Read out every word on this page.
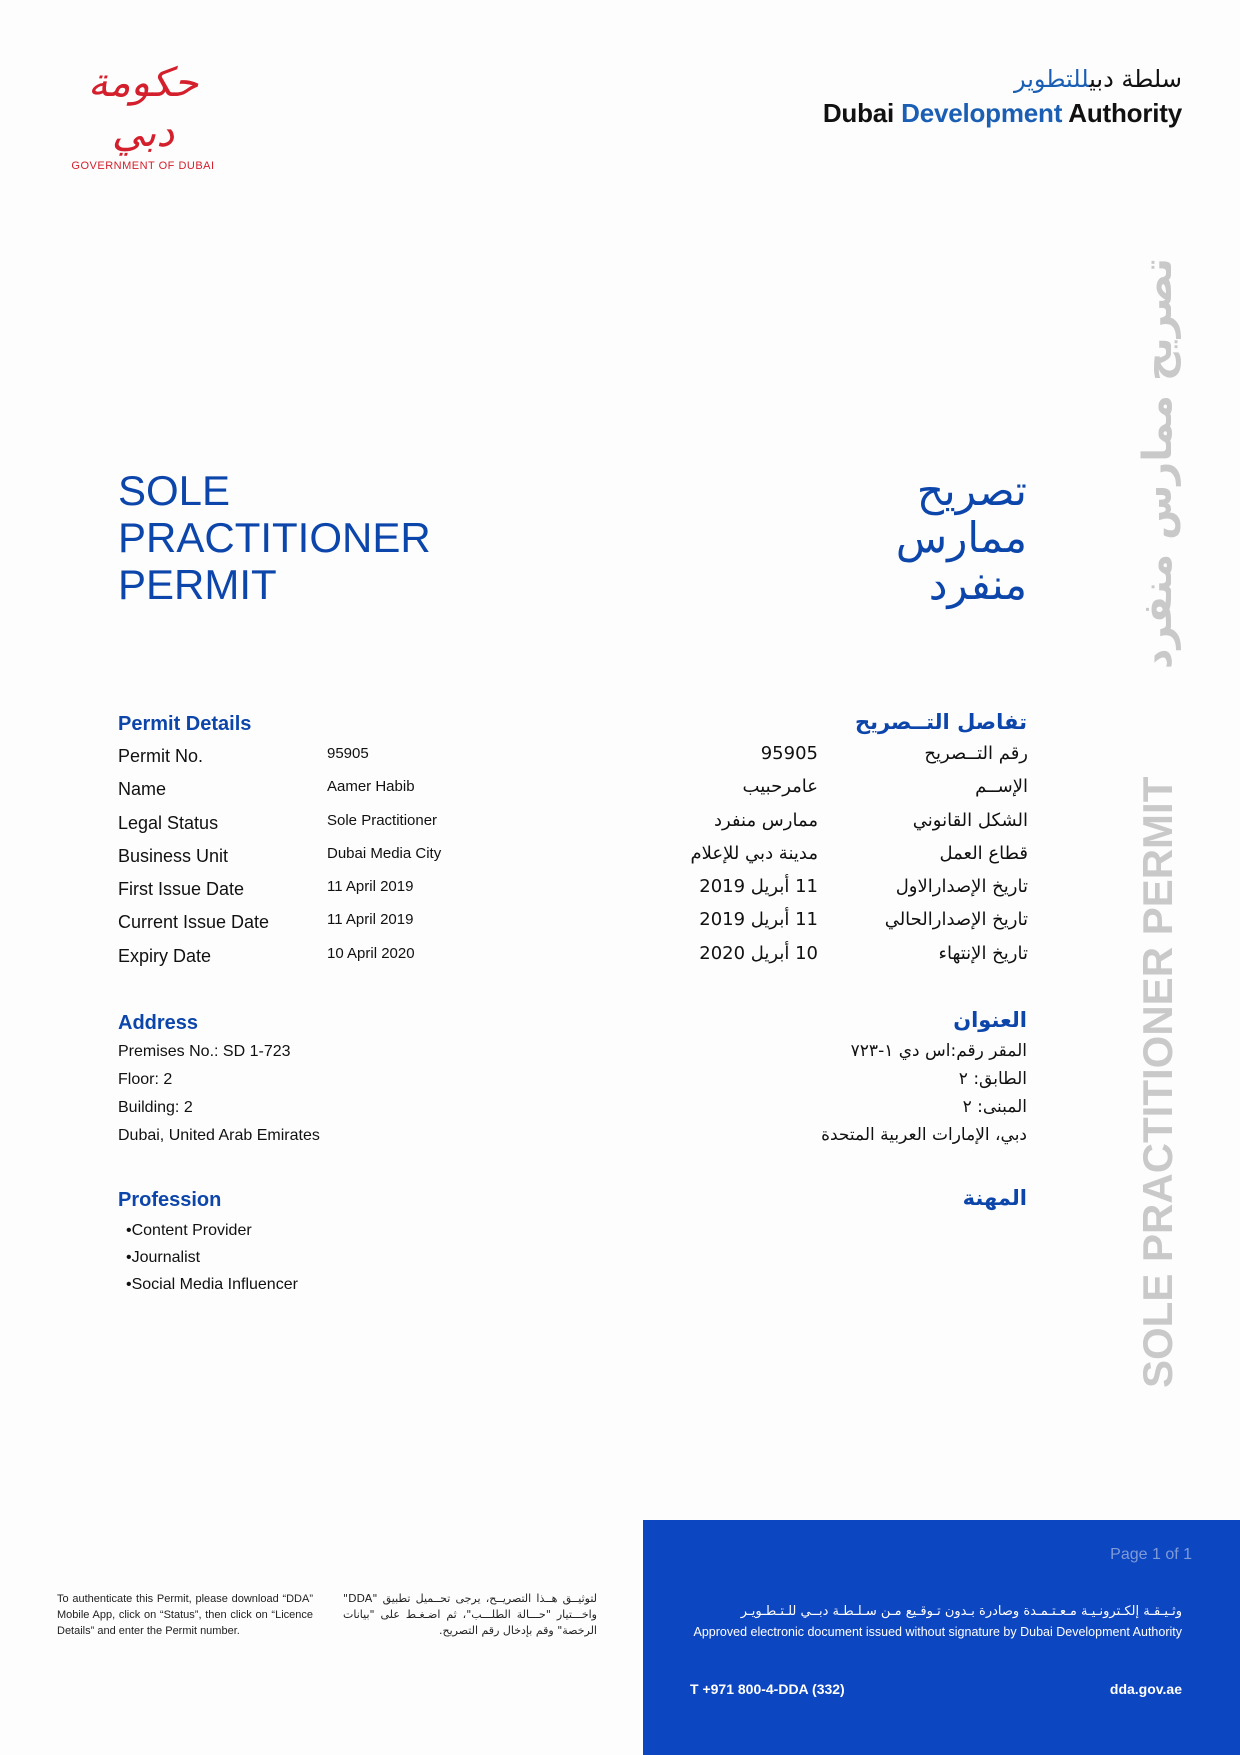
حكومة دبي
GOVERNMENT OF DUBAI
سلطة دبيللتطوير
Dubai Development Authority
SOLE
PRACTITIONER
PERMIT
تصريح
ممارس
منفرد
SOLE PRACTITIONER PERMIT
تصريح ممارس منفرد
Permit Details	تفاصل التــصريح
Permit No.	95905	95905	رقم التــصريح
Name	Aamer Habib	عامرحبيب	الإســم
Legal Status	Sole Practitioner	ممارس منفرد	الشكل القانوني
Business Unit	Dubai Media City	مدينة دبي للإعلام	قطاع العمل
First Issue Date	11 April 2019	11 أبريل 2019	تاريخ الإصدارالاول
Current Issue Date	11 April 2019	11 أبريل 2019	تاريخ الإصدارالحالي
Expiry Date	10 April 2020	10 أبريل 2020	تاريخ الإنتهاء
Address	العنوان
Premises No.: SD 1-723
Floor: 2
Building: 2
Dubai, United Arab Emirates
المقر رقم:اس دي ١-٧٢٣
الطابق: ٢
المبنى: ٢
دبي، الإمارات العربية المتحدة
Profession	المهنة
•Content Provider
•Journalist
•Social Media Influencer
To authenticate this Permit, please download “DDA” Mobile App, click on “Status”, then click on “Licence Details” and enter the Permit number.
لتوثيــق هــذا التصريــح، يرجى تحــميل تطبيق "DDA" واخـــتيار "حـــالة الطلـــب"، ثم اضـغـط على "بيانات الرخصة" وقم بإدخال رقم التصريح.
Page 1 of 1
وثـيـقـة إلكـترونـيـة مـعـتـمـدة وصادرة بـدون تـوقـيع مـن سـلـطـة دبــي للـتـطـويـر
Approved electronic document issued without signature by Dubai Development Authority
T +971 800-4-DDA (332)	dda.gov.ae
